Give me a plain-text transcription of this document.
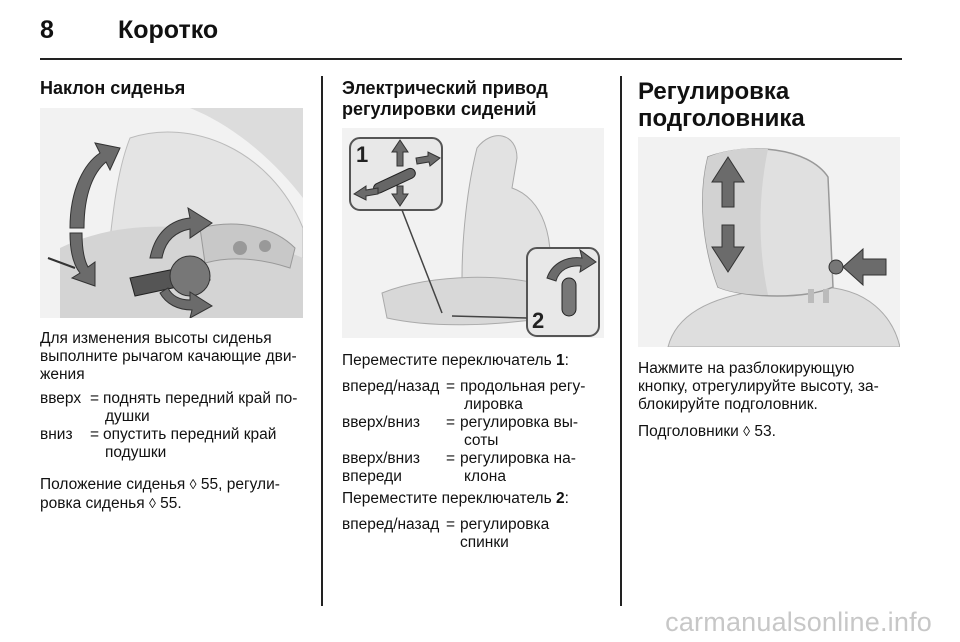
8	Коротко
Наклон сиденья

Для изменения высоты сиденья

выполните рычагом качающие дви-

жения

вверх = поднять передний край по-
душки
вниз = опустить передний край
подушки

Положение сиденья ◊ 55, регули-

ровка сиденья ◊ 55.

Электрический привод
регулировки сидений
1
2

Переместите переключатель 1:

вперед/назад = продольная регу-
лировка
вверх/вниз = регулировка вы-
соты
вверх/вниз
впереди
= регулировка на-
клона

Переместите переключатель 2:

вперед/назад = регулировка
спинки
Регулировка
подголовника

Нажмите на разблокирующую

кнопку, отрегулируйте высоту, за-

блокируйте подголовник.

Подголовники ◊ 53.

carmanualsonline.info
